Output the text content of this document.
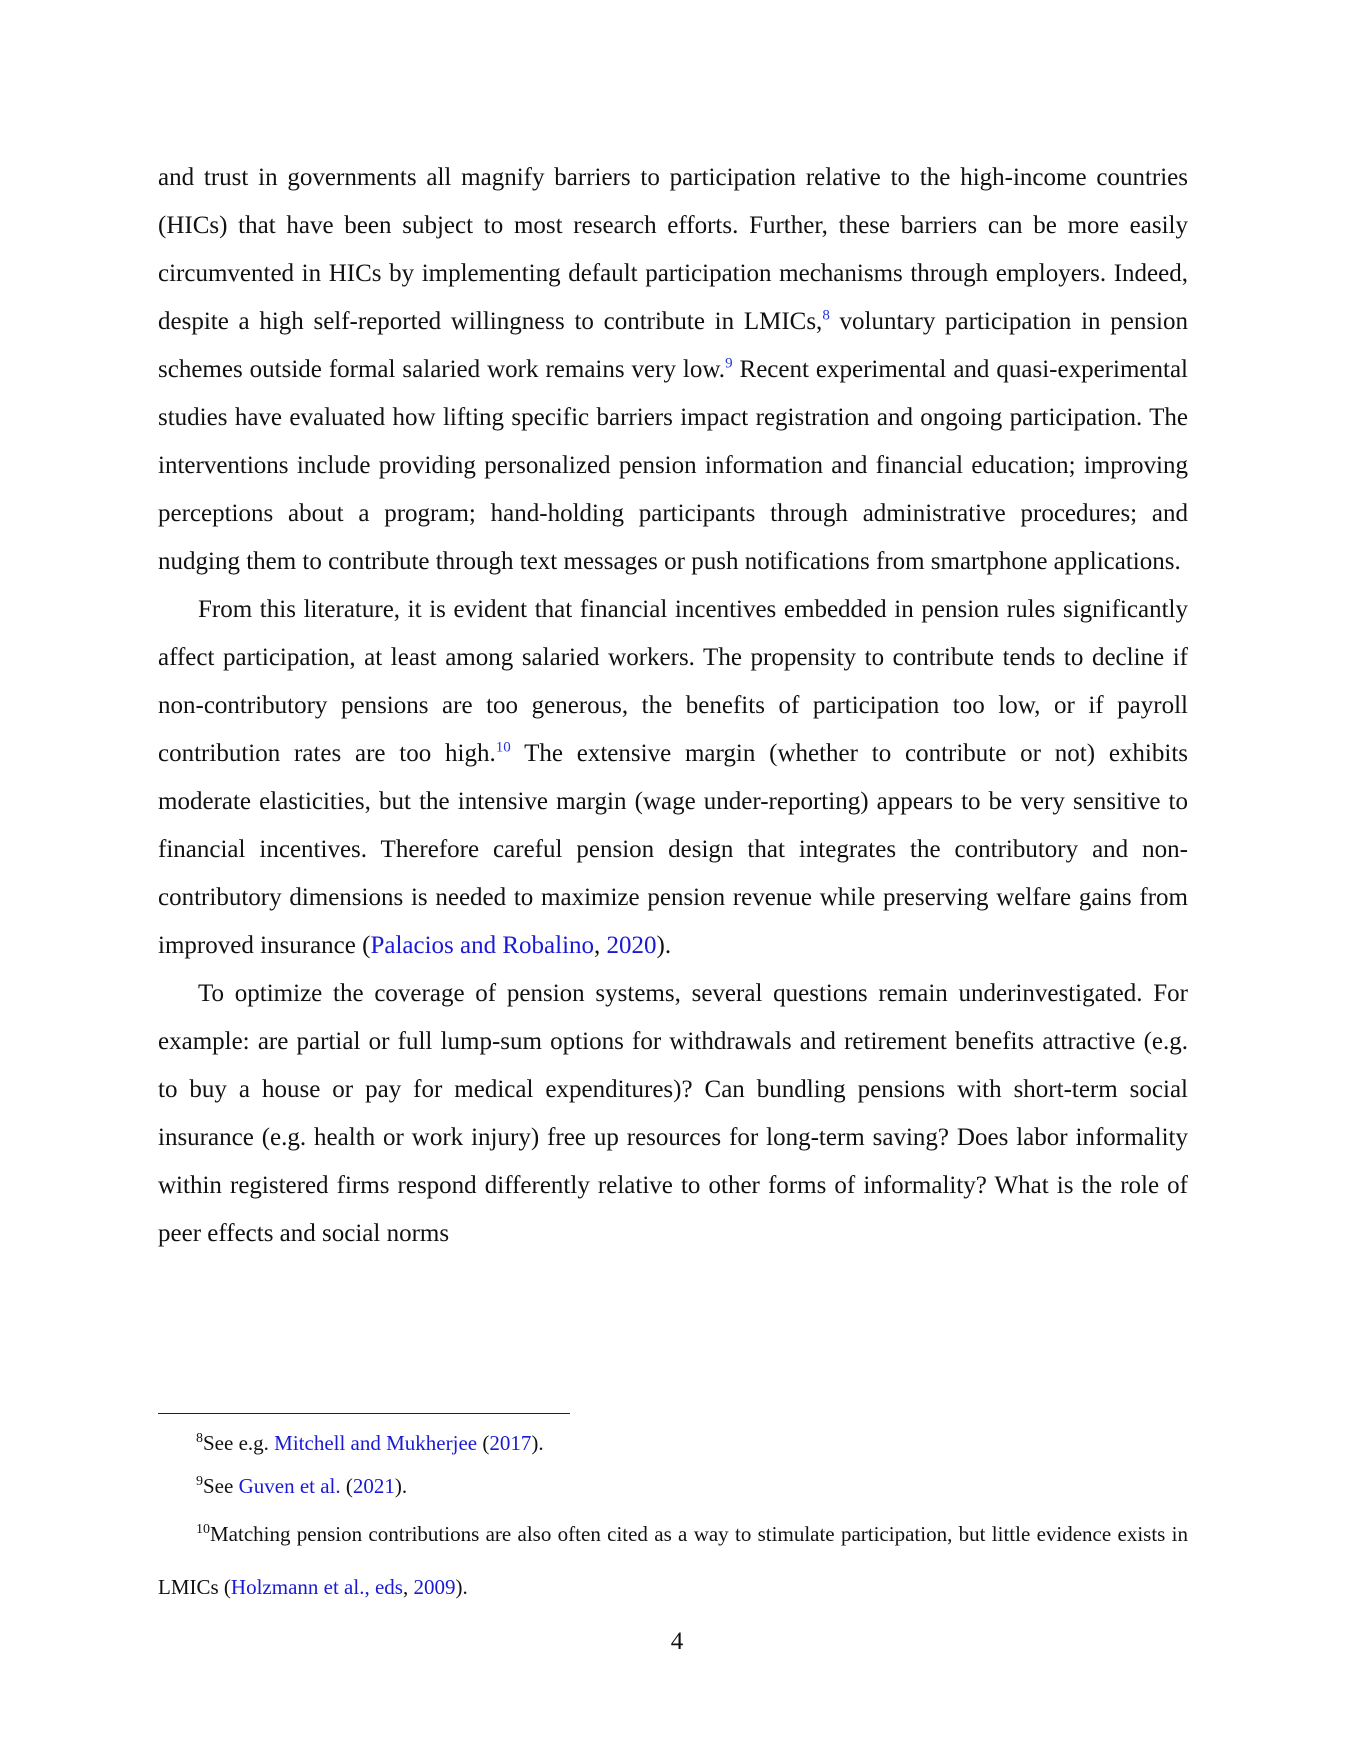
and trust in governments all magnify barriers to participation relative to the high-income countries (HICs) that have been subject to most research efforts. Further, these barriers can be more easily circumvented in HICs by implementing default participation mechanisms through employers. Indeed, despite a high self-reported willingness to contribute in LMICs,$^8$ voluntary participation in pension schemes outside formal salaried work remains very low.$^9$ Recent experimental and quasi-experimental studies have evaluated how lifting specific barriers impact registration and ongoing participation. The interventions include providing personalized pension information and financial education; improving perceptions about a program; hand-holding participants through administrative procedures; and nudging them to contribute through text messages or push notifications from smartphone applications.

From this literature, it is evident that financial incentives embedded in pension rules significantly affect participation, at least among salaried workers. The propensity to contribute tends to decline if non-contributory pensions are too generous, the benefits of participation too low, or if payroll contribution rates are too high.$^{10}$ The extensive margin (whether to contribute or not) exhibits moderate elasticities, but the intensive margin (wage under-reporting) appears to be very sensitive to financial incentives. Therefore careful pension design that integrates the contributory and non-contributory dimensions is needed to maximize pension revenue while preserving welfare gains from improved insurance (Palacios and Robalino, 2020).

To optimize the coverage of pension systems, several questions remain underinvestigated. For example: are partial or full lump-sum options for withdrawals and retirement benefits attractive (e.g. to buy a house or pay for medical expenditures)? Can bundling pensions with short-term social insurance (e.g. health or work injury) free up resources for long-term saving? Does labor informality within registered firms respond differently relative to other forms of informality? What is the role of peer effects and social norms

$^8$See e.g. Mitchell and Mukherjee (2017).

$^9$See Guven et al. (2021).

$^{10}$Matching pension contributions are also often cited as a way to stimulate participation, but little evidence exists in LMICs (Holzmann et al., eds, 2009).

4
